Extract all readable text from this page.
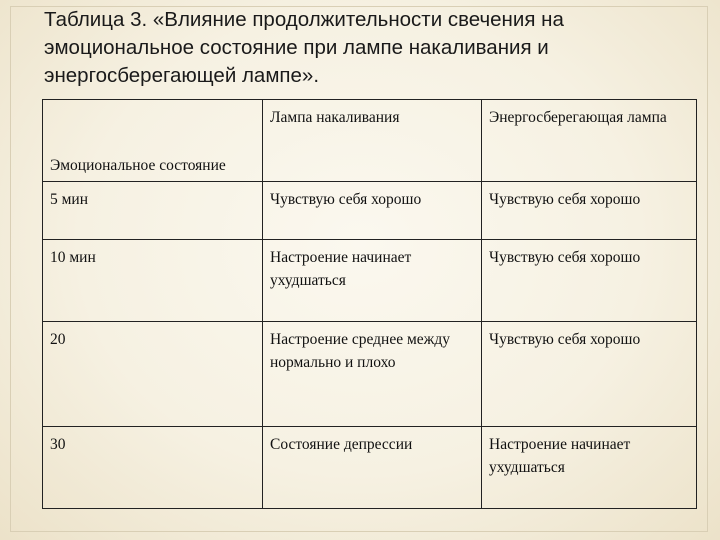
Таблица 3. «Влияние продолжительности свечения на
эмоциональное состояние при лампе накаливания и
энергосберегающей лампе».
Эмоциональное состояние	Лампа накаливания	Энергосберегающая лампа
5 мин	Чувствую себя хорошо	Чувствую себя хорошо
10 мин	Настроение начинает ухудшаться	Чувствую себя хорошо
20	Настроение среднее между нормально и плохо	Чувствую себя хорошо
30	Состояние депрессии	Настроение начинает ухудшаться
